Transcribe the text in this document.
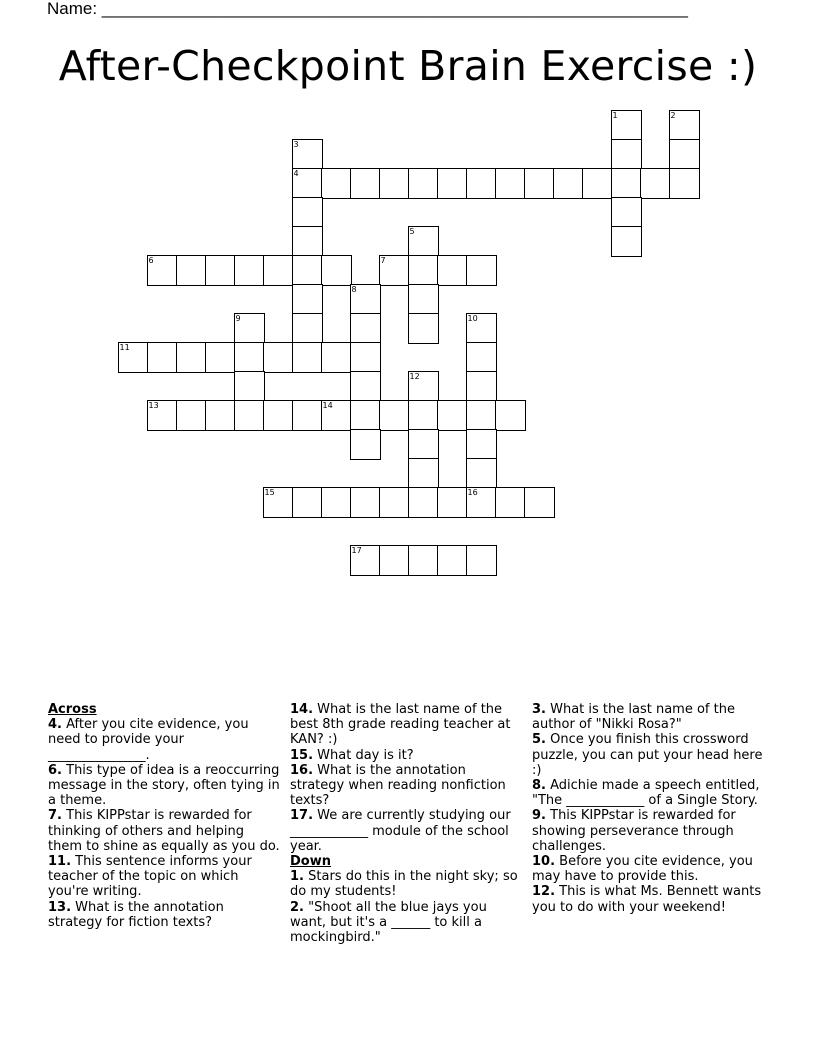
Name: ______________________________________________________________
After-Checkpoint Brain Exercise :)
1	2
3
4
5
6	7
8
9	10
11
12
13	14
15	16
17
Across
4. After you cite evidence, you need to provide your _______________.
6. This type of idea is a reoccurring message in the story, often tying in a theme.
7. This KIPPstar is rewarded for thinking of others and helping them to shine as equally as you do.
11. This sentence informs your teacher of the topic on which you're writing.
13. What is the annotation strategy for fiction texts?
14. What is the last name of the best 8th grade reading teacher at KAN? :)
15. What day is it?
16. What is the annotation strategy when reading nonfiction texts?
17. We are currently studying our ____________ module of the school year.
Down
1. Stars do this in the night sky; so do my students!
2. "Shoot all the blue jays you want, but it's a ______ to kill a mockingbird."
3. What is the last name of the author of "Nikki Rosa?"
5. Once you finish this crossword puzzle, you can put your head here :)
8. Adichie made a speech entitled, "The ____________ of a Single Story.
9. This KIPPstar is rewarded for showing perseverance through challenges.
10. Before you cite evidence, you may have to provide this.
12. This is what Ms. Bennett wants you to do with your weekend!
